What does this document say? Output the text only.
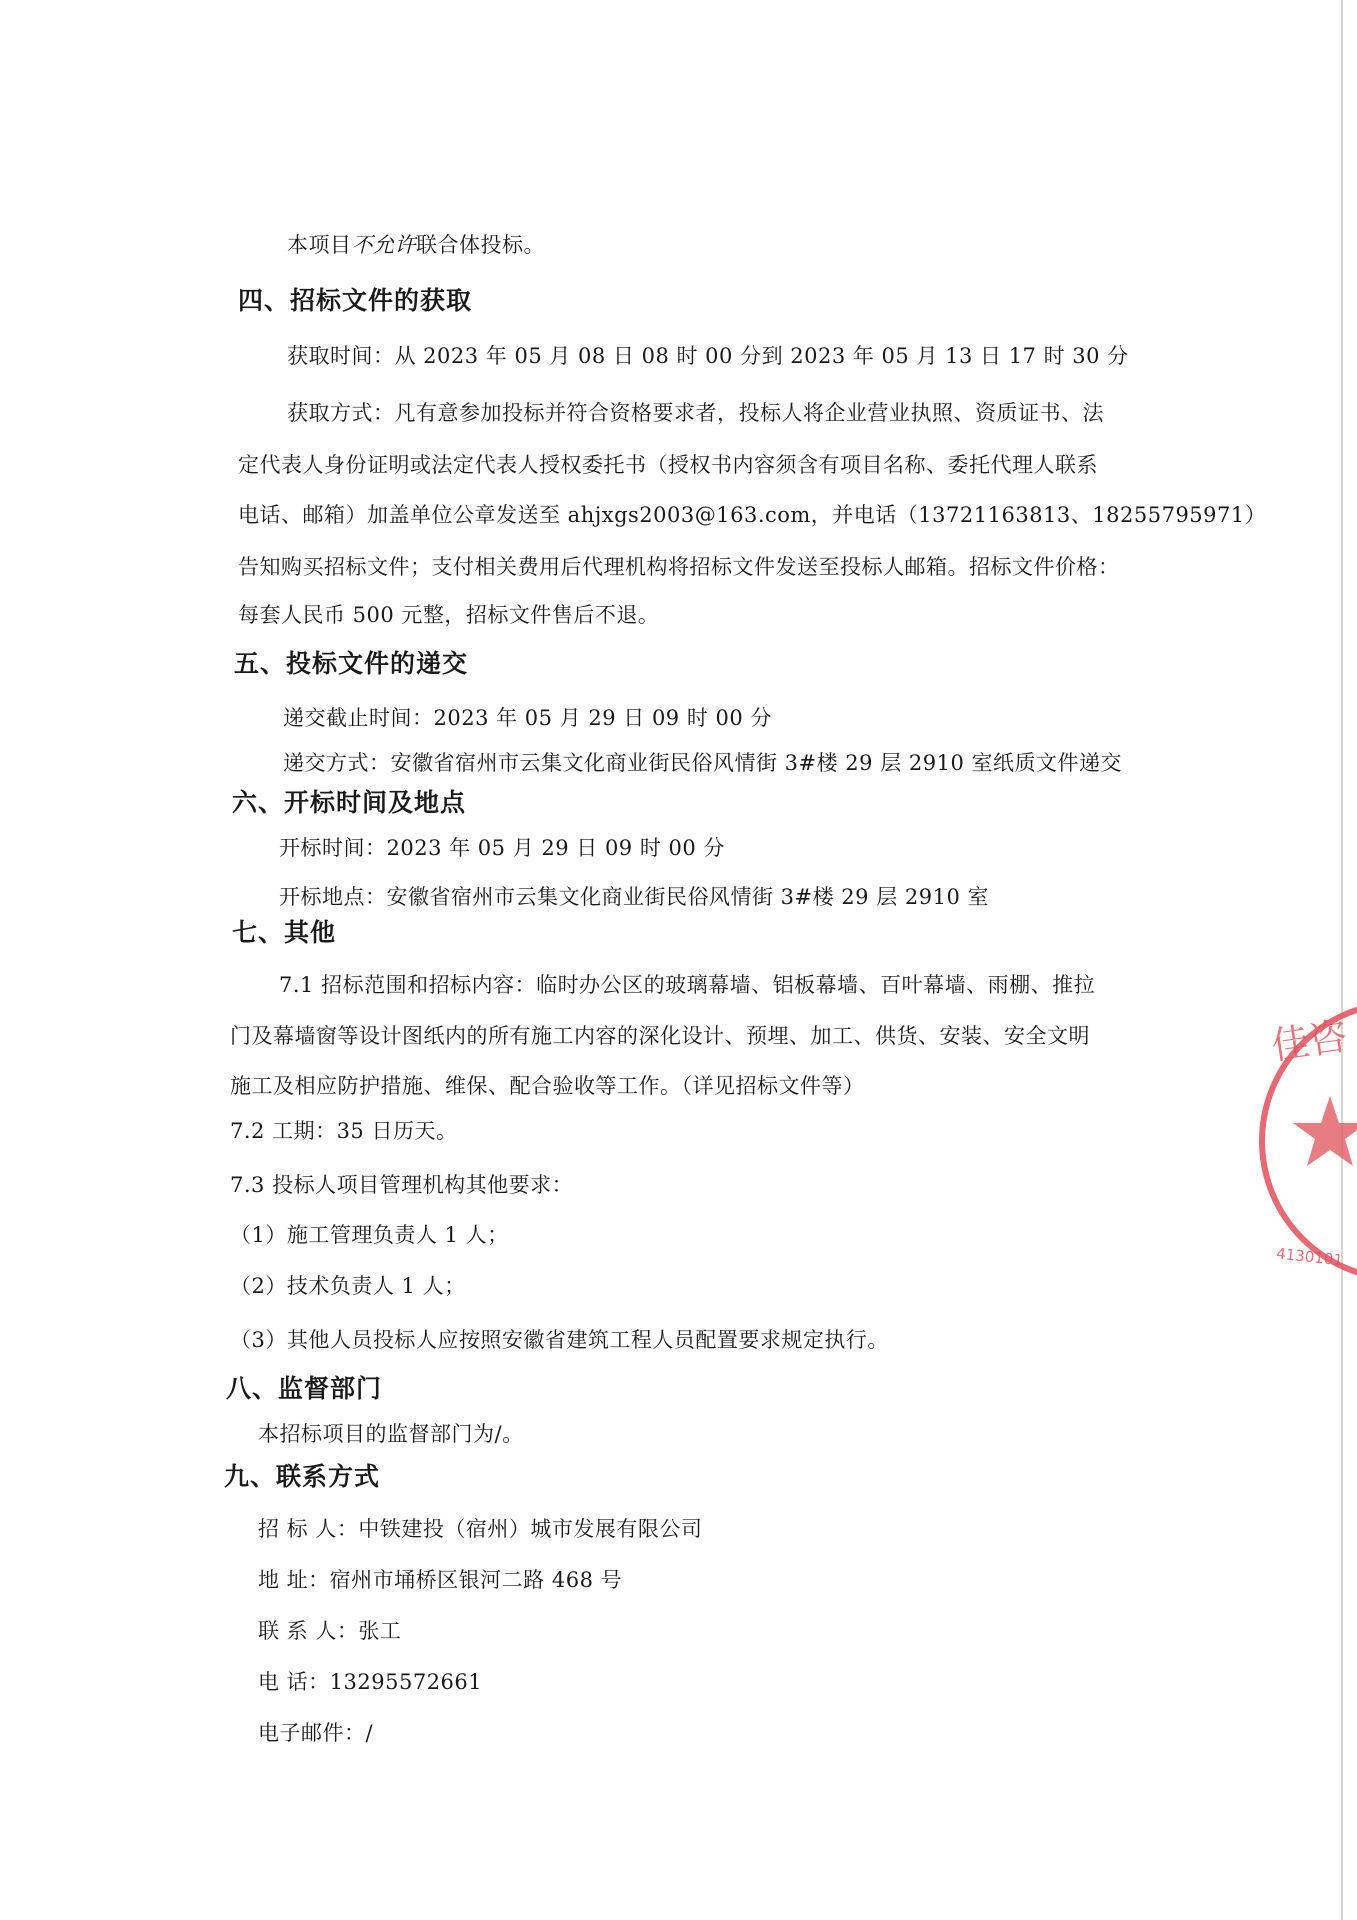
本项目不允许联合体投标。
四、招标文件的获取
获取时间：从 2023 年 05 月 08 日 08 时 00 分到 2023 年 05 月 13 日 17 时 30 分
获取方式：凡有意参加投标并符合资格要求者，投标人将企业营业执照、资质证书、法
定代表人身份证明或法定代表人授权委托书（授权书内容须含有项目名称、委托代理人联系
电话、邮箱）加盖单位公章发送至 ahjxgs2003@163.com，并电话（13721163813、18255795971）
告知购买招标文件；支付相关费用后代理机构将招标文件发送至投标人邮箱。招标文件价格：
每套人民币 500 元整，招标文件售后不退。
五、投标文件的递交
递交截止时间：2023 年 05 月 29 日 09 时 00 分
递交方式：安徽省宿州市云集文化商业街民俗风情街 3#楼 29 层 2910 室纸质文件递交
六、开标时间及地点
开标时间：2023 年 05 月 29 日 09 时 00 分
开标地点：安徽省宿州市云集文化商业街民俗风情街 3#楼 29 层 2910 室
七、其他
7.1 招标范围和招标内容：临时办公区的玻璃幕墙、铝板幕墙、百叶幕墙、雨棚、推拉
门及幕墙窗等设计图纸内的所有施工内容的深化设计、预埋、加工、供货、安装、安全文明
施工及相应防护措施、维保、配合验收等工作。（详见招标文件等）
7.2 工期：35 日历天。
7.3 投标人项目管理机构其他要求：
（1）施工管理负责人 1 人；
（2）技术负责人 1 人；
（3）其他人员投标人应按照安徽省建筑工程人员配置要求规定执行。
八、监督部门
本招标项目的监督部门为/。
九、联系方式
招 标 人：中铁建投（宿州）城市发展有限公司
地 址：宿州市埇桥区银河二路 468 号
联 系 人：张工
电 话：13295572661
电子邮件：/
佳咨
4130101
